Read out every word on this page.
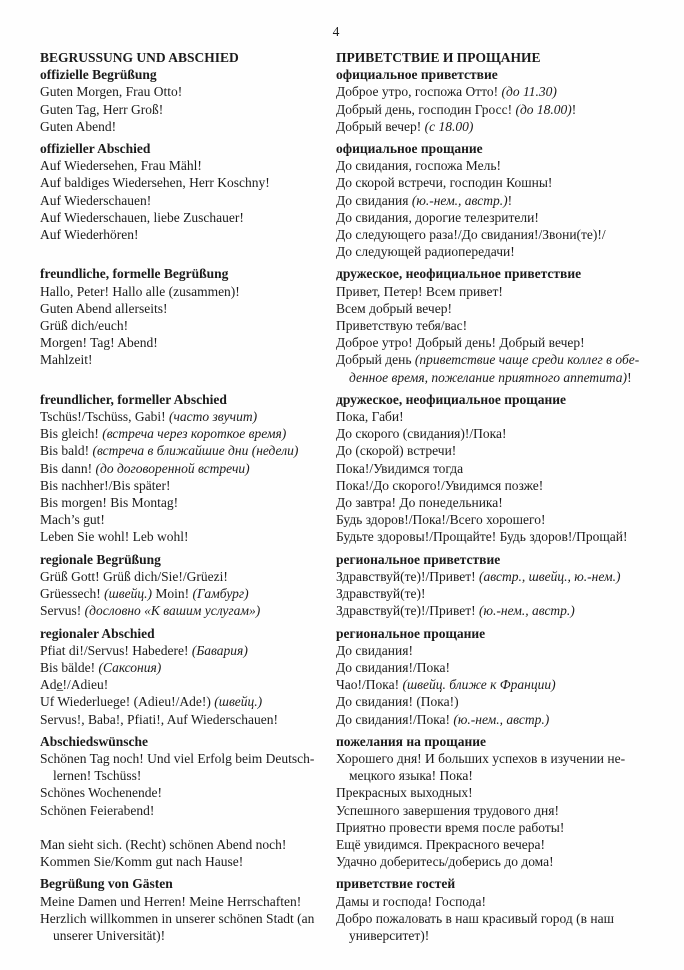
4
BEGRUSSUNG UND ABSCHIED	ПРИВЕТСТВИЕ И ПРОЩАНИЕ
offizielle Begrüßung	официальное приветствие
Guten Morgen, Frau Otto!	Доброе утро, госпожа Отто! (до 11.30)
Guten Tag, Herr Groß!	Добрый день, господин Гросс! (до 18.00)!
Guten Abend!	Добрый вечер! (с 18.00)
offizieller Abschied	официальное прощание
Auf Wiedersehen, Frau Mähl!	До свидания, госпожа Мель!
Auf baldiges Wiedersehen, Herr Koschny!	До скорой встречи, господин Кошны!
Auf Wiederschauen!	До свидания (ю.-нем., австр.)!
Auf Wiederschauen, liebe Zuschauer!	До свидания, дорогие телезрители!
Auf Wiederhören!	До следующего раза!/До свидания!/Звони(те)!/
До следующей радиопередачи!
freundliche, formelle Begrüßung	дружеское, неофициальное приветствие
Hallo, Peter! Hallo alle (zusammen)!	Привет, Петер! Всем привет!
Guten Abend allerseits!	Всем добрый вечер!
Grüß dich/euch!	Приветствую тебя/вас!
Morgen! Tag! Abend!	Доброе утро! Добрый день! Добрый вечер!
Mahlzeit!	Добрый день (приветствие чаще среди коллег в обе-
денное время, пожелание приятного аппетита)!
freundlicher, formeller Abschied	дружеское, неофициальное прощание
Tschüs!/Tschüss, Gabi! (часто звучит)	Пока, Габи!
Bis gleich! (встреча через короткое время)	До скорого (свидания)!/Пока!
Bis bald! (встреча в ближайшие дни (недели)	До (скорой) встречи!
Bis dann! (до договоренной встречи)	Пока!/Увидимся тогда
Bis nachher!/Bis später!	Пока!/До скорого!/Увидимся позже!
Bis morgen! Bis Montag!	До завтра! До понедельника!
Mach’s gut!	Будь здоров!/Пока!/Всего хорошего!
Leben Sie wohl! Leb wohl!	Будьте здоровы!/Прощайте! Будь здоров!/Прощай!
regionale Begrüßung	региональное приветствие
Grüß Gott! Grüß dich/Sie!/Grüezi!	Здравствуй(те)!/Привет! (австр., швейц., ю.-нем.)
Grüessech! (швейц.) Moin! (Гамбург)	Здравствуй(те)!
Servus! (дословно «К вашим услугам»)	Здравствуй(те)!/Привет! (ю.-нем., австр.)
regionaler Abschied	региональное прощание
Pfiat di!/Servus! Habedere! (Бавария)	До свидания!
Bis bälde! (Саксония)	До свидания!/Пока!
Ade̲!/Adieu!	Чао!/Пока! (швейц. ближе к Франции)
Uf Wiederluege! (Adieu!/Ade!) (швейц.)	До свидания! (Пока!)
Servus!, Baba!, Pfiati!, Auf Wiederschauen!	До свидания!/Пока! (ю.-нем., австр.)
Abschiedswünsche	пожелания на прощание
Schönen Tag noch! Und viel Erfolg beim Deutsch-	Хорошего дня! И больших успехов в изучении не-
lernen! Tschüss!	мецкого языка! Пока!
Schönes Wochenende!	Прекрасных выходных!
Schönen Feierabend!	Успешного завершения трудового дня!
Приятно провести время после работы!
Man sieht sich. (Recht) schönen Abend noch!	Ещё увидимся. Прекрасного вечера!
Kommen Sie/Komm gut nach Hause!	Удачно доберитесь/доберись до дома!
Begrüßung von Gästen	приветствие гостей
Meine Damen und Herren! Meine Herrschaften!	Дамы и господа! Господа!
Herzlich willkommen in unserer schönen Stadt (an	Добро пожаловать в наш красивый город (в наш
unserer Universität)!	университет)!
